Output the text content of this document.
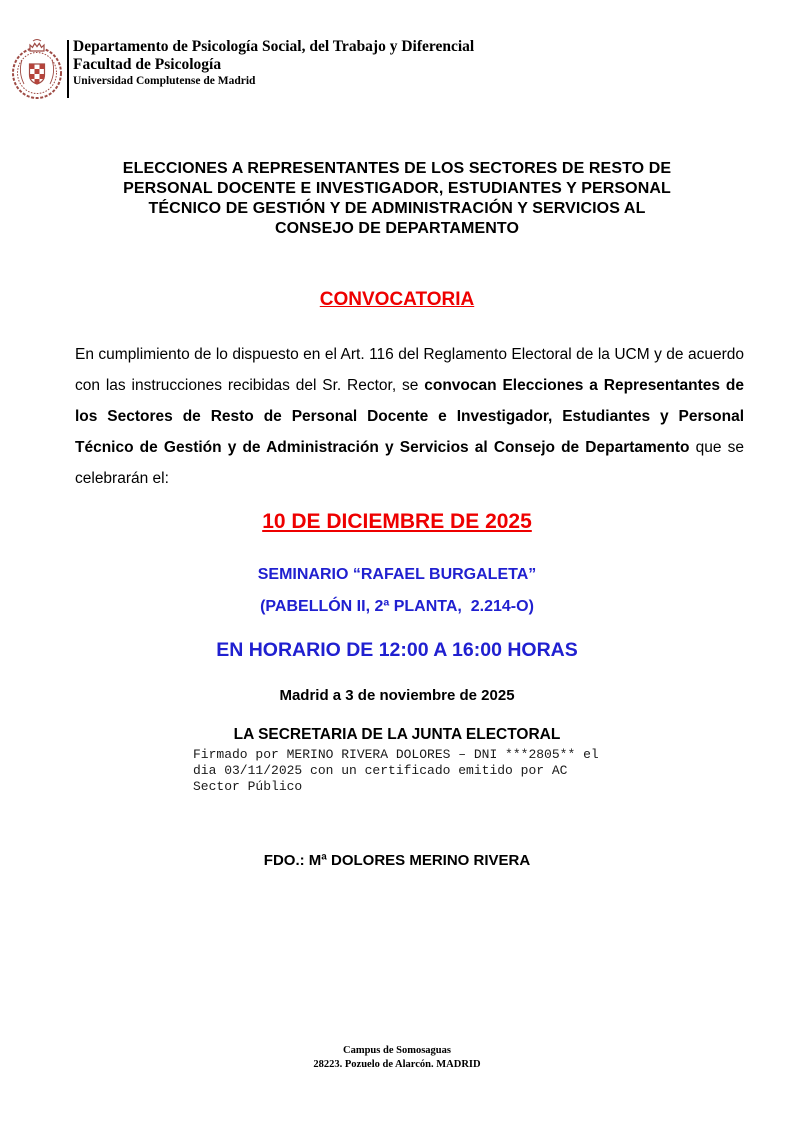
Departamento de Psicología Social, del Trabajo y Diferencial
Facultad de Psicología
Universidad Complutense de Madrid
ELECCIONES A REPRESENTANTES DE LOS SECTORES DE RESTO DE
PERSONAL DOCENTE E INVESTIGADOR, ESTUDIANTES Y PERSONAL
TÉCNICO DE GESTIÓN Y DE ADMINISTRACIÓN Y SERVICIOS AL
CONSEJO DE DEPARTAMENTO
CONVOCATORIA

En cumplimiento de lo dispuesto en el Art. 116 del Reglamento Electoral de la UCM y de acuerdo con las instrucciones recibidas del Sr. Rector, se convocan Elecciones a Representantes de los Sectores de Resto de Personal Docente e Investigador, Estudiantes y Personal Técnico de Gestión y de Administración y Servicios al Consejo de Departamento que se celebrarán el:

10 DE DICIEMBRE DE 2025
SEMINARIO “RAFAEL BURGALETA”
(PABELLÓN II, 2ª PLANTA,  2.214-O)
EN HORARIO DE 12:00 A 16:00 HORAS
Madrid a 3 de noviembre de 2025
LA SECRETARIA DE LA JUNTA ELECTORAL
Firmado por MERINO RIVERA DOLORES – DNI ***2805** el
dia 03/11/2025 con un certificado emitido por AC
Sector Público
FDO.: Mª DOLORES MERINO RIVERA
Campus de Somosaguas
28223. Pozuelo de Alarcón. MADRID
